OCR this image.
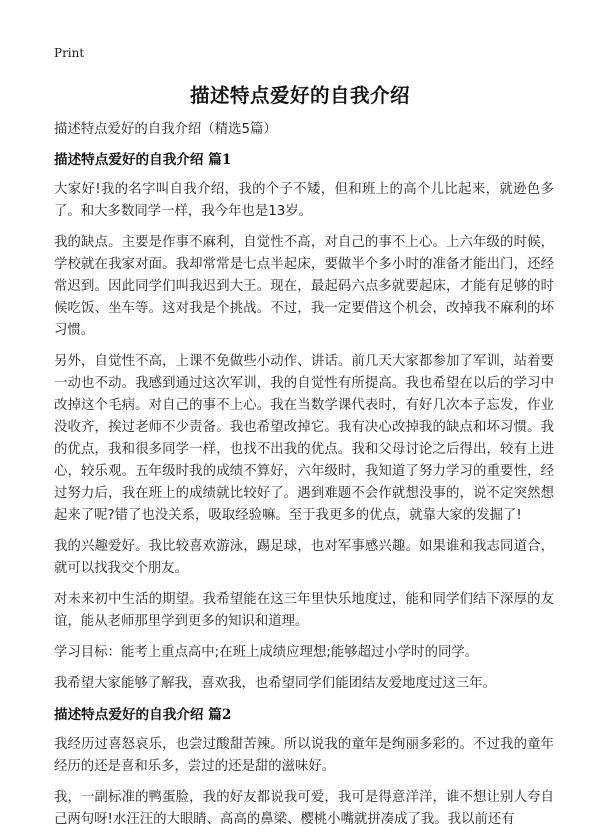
Print
描述特点爱好的自我介绍

描述特点爱好的自我介绍（精选5篇）

描述特点爱好的自我介绍 篇1

大家好!我的名字叫自我介绍，我的个子不矮，但和班上的高个儿比起来，就逊色多了。和大多数同学一样，我今年也是13岁。

我的缺点。主要是作事不麻利，自觉性不高，对自己的事不上心。上六年级的时候，学校就在我家对面。我却常常是七点半起床，要做半个多小时的准备才能出门，还经常迟到。因此同学们叫我迟到大王。现在，最起码六点多就要起床，才能有足够的时候吃饭、坐车等。这对我是个挑战。不过，我一定要借这个机会，改掉我不麻利的坏习惯。

另外，自觉性不高，上课不免做些小动作、讲话。前几天大家都参加了军训，站着要一动也不动。我感到通过这次军训，我的自觉性有所提高。我也希望在以后的学习中改掉这个毛病。对自己的事不上心。我在当数学课代表时，有好几次本子忘发，作业没收齐，挨过老师不少责备。我也希望改掉它。我有决心改掉我的缺点和坏习惯。我的优点，我和很多同学一样，也找不出我的优点。我和父母讨论之后得出，较有上进心，较乐观。五年级时我的成绩不算好，六年级时，我知道了努力学习的重要性，经过努力后，我在班上的成绩就比较好了。遇到难题不会作就想没事的，说不定突然想起来了呢?错了也没关系，吸取经验嘛。至于我更多的优点，就靠大家的发掘了!

我的兴趣爱好。我比较喜欢游泳，踢足球，也对军事感兴趣。如果谁和我志同道合，就可以找我交个朋友。

对未来初中生活的期望。我希望能在这三年里快乐地度过，能和同学们结下深厚的友谊，能从老师那里学到更多的知识和道理。

学习目标：能考上重点高中;在班上成绩应理想;能够超过小学时的同学。

我希望大家能够了解我，喜欢我，也希望同学们能团结友爱地度过这三年。

描述特点爱好的自我介绍 篇2

我经历过喜怒哀乐，也尝过酸甜苦辣。所以说我的童年是绚丽多彩的。不过我的童年经历的还是喜和乐多，尝过的还是甜的滋味好。

我，一副标准的鸭蛋脸，我的好友都说我可爱，我可是得意洋洋，谁不想让别人夸自己两句呀!水汪汪的大眼睛、高高的鼻梁、樱桃小嘴就拼凑成了我。我以前还有
